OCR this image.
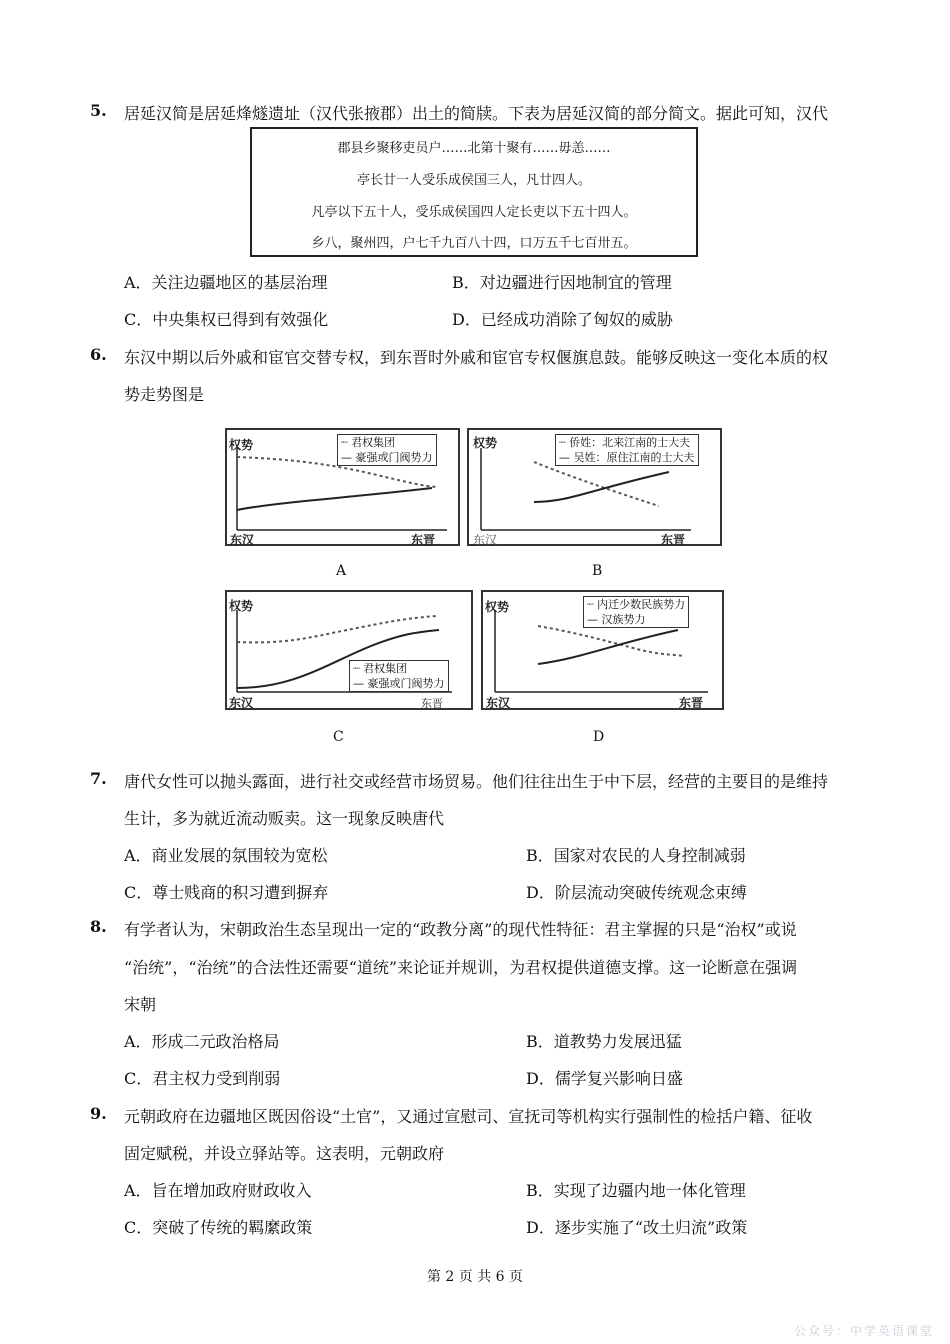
5. 居延汉简是居延烽燧遗址（汉代张掖郡）出土的简牍。下表为居延汉简的部分简文。据此可知，汉代
郡县乡聚移吏员户……北第十聚有……毋恙……
亭长廿一人受乐成侯国三人，凡廿四人。
凡亭以下五十人，受乐成侯国四人定长吏以下五十四人。
乡八，聚州四，户七千九百八十四，口万五千七百卅五。
A．关注边疆地区的基层治理	B．对边疆进行因地制宜的管理
C．中央集权已得到有效强化	D．已经成功消除了匈奴的威胁
6. 东汉中期以后外戚和宦官交替专权，到东晋时外戚和宦官专权偃旗息鼓。能够反映这一变化本质的权
势走势图是
权势
东汉	东晋
┈ 君权集团
— 豪强或门阀势力
A
权势
东汉	东晋
┈ 侨姓：北来江南的士大夫
— 吴姓：原住江南的士大夫
B
权势
东汉	东晋
┈ 君权集团
— 豪强或门阀势力
C
权势
东汉	东晋
┈ 内迁少数民族势力
— 汉族势力
D
7. 唐代女性可以抛头露面，进行社交或经营市场贸易。他们往往出生于中下层，经营的主要目的是维持
生计，多为就近流动贩卖。这一现象反映唐代
A．商业发展的氛围较为宽松	B．国家对农民的人身控制减弱
C．尊士贱商的积习遭到摒弃	D．阶层流动突破传统观念束缚
8. 有学者认为，宋朝政治生态呈现出一定的“政教分离”的现代性特征：君主掌握的只是“治权”或说
“治统”，“治统”的合法性还需要“道统”来论证并规训，为君权提供道德支撑。这一论断意在强调
宋朝
A．形成二元政治格局	B．道教势力发展迅猛
C．君主权力受到削弱	D．儒学复兴影响日盛
9. 元朝政府在边疆地区既因俗设“土官”，又通过宣慰司、宣抚司等机构实行强制性的检括户籍、征收
固定赋税，并设立驿站等。这表明，元朝政府
A．旨在增加政府财政收入	B．实现了边疆内地一体化管理
C．突破了传统的羁縻政策	D．逐步实施了“改土归流”政策
第 2 页 共 6 页
公众号：中学英语课堂
